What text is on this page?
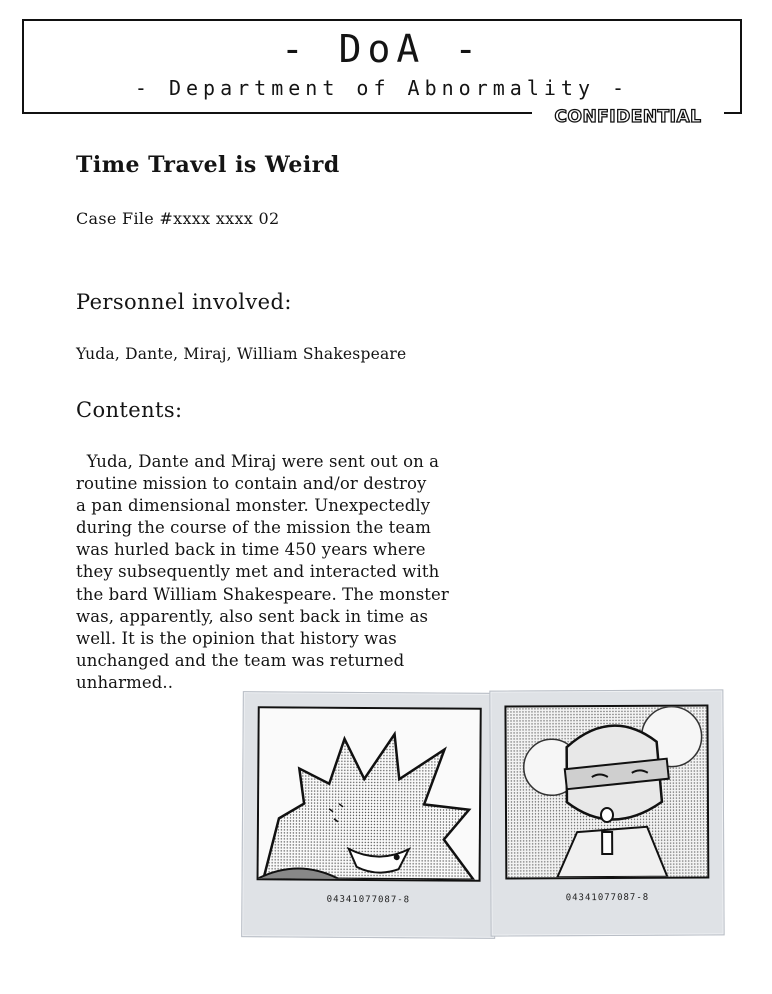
- DoA -
- Department of Abnormality -
CONFIDENTIAL
Time Travel is Weird
Case File #xxxx xxxx 02
Personnel involved:
Yuda, Dante, Miraj, William Shakespeare
Contents:
Yuda, Dante and Miraj were sent out on a
routine mission to contain and/or destroy
a pan dimensional monster. Unexpectedly
during the course of the mission the team
was hurled back in time 450 years where
they subsequently met and interacted with
the bard William Shakespeare. The monster
was, apparently, also sent back in time as
well. It is the opinion that history was
unchanged and the team was returned
unharmed..
04341077087-8	04341077087-8
